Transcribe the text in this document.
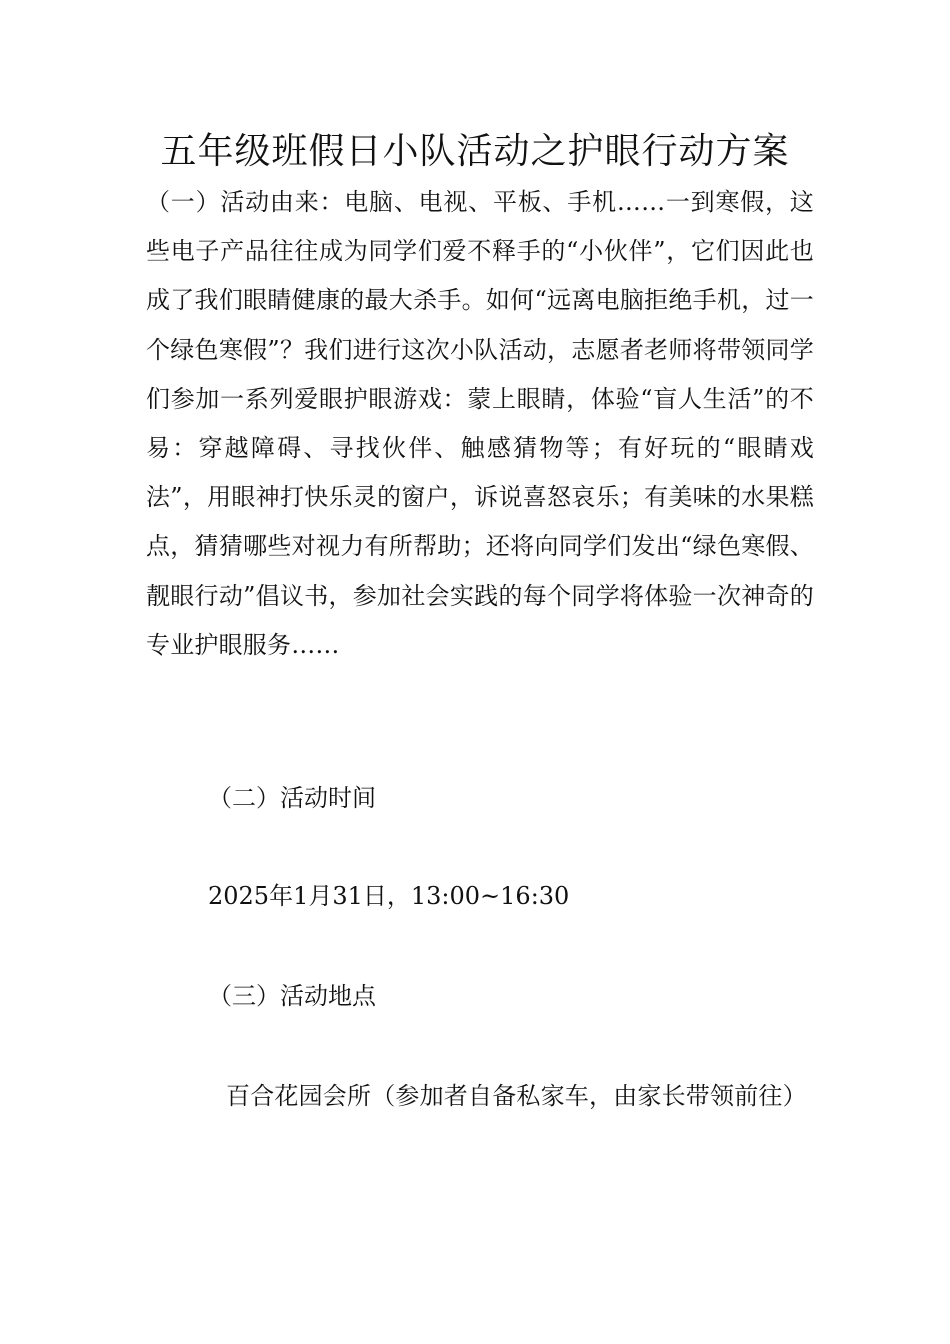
五年级班假日小队活动之护眼行动方案

（一）活动由来：电脑、电视、平板、手机……一到寒假，这些电子产品往往成为同学们爱不释手的“小伙伴”，它们因此也成了我们眼睛健康的最大杀手。如何“远离电脑拒绝手机，过一个绿色寒假”？我们进行这次小队活动，志愿者老师将带领同学们参加一系列爱眼护眼游戏：蒙上眼睛，体验“盲人生活”的不易：穿越障碍、寻找伙伴、触感猜物等；有好玩的“眼睛戏法”，用眼神打快乐灵的窗户，诉说喜怒哀乐；有美味的水果糕点，猜猜哪些对视力有所帮助；还将向同学们发出“绿色寒假、靓眼行动”倡议书，参加社会实践的每个同学将体验一次神奇的专业护眼服务……

（二）活动时间

2025年1月31日，13:00~16:30

（三）活动地点

百合花园会所（参加者自备私家车，由家长带领前往）
